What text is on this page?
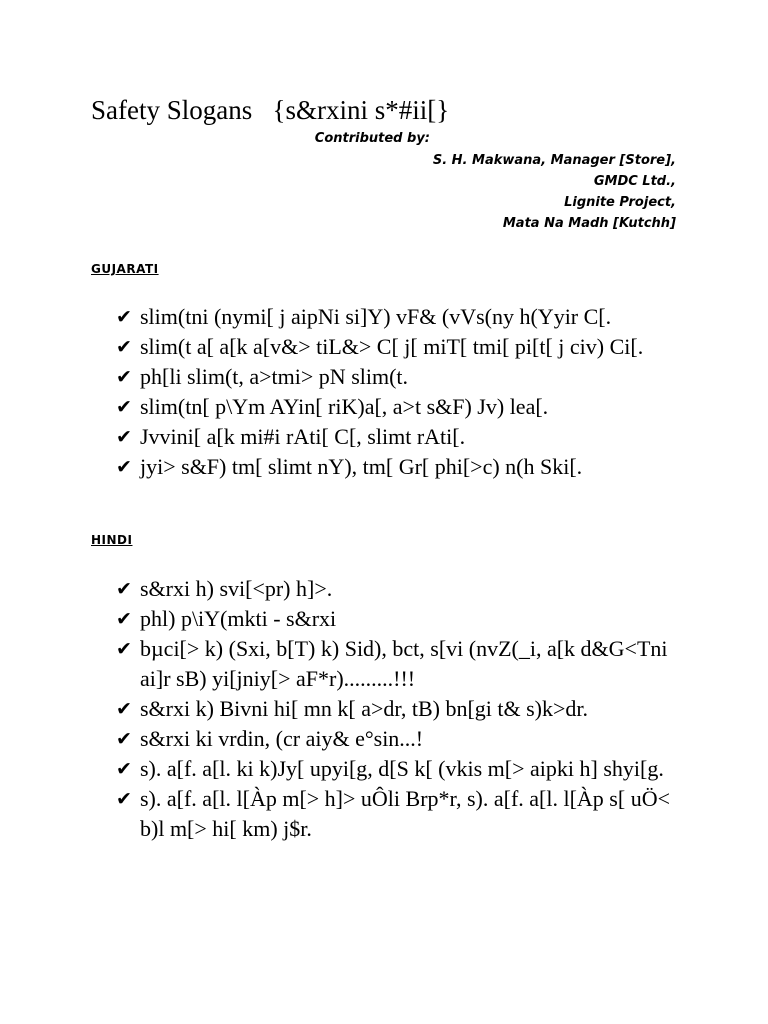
Safety Slogans   {s&rxini s*#ii[}
Contributed by:
S. H. Makwana, Manager [Store],
GMDC Ltd.,
Lignite Project,
Mata Na Madh [Kutchh]
GUJARATI
✔ slim(tni (nymi[ j aipNi si]Y) vF& (vVs(ny h(Yyir C[.
✔ slim(t a[ a[k a[v&> tiL&> C[ j[ miT[ tmi[ pi[t[ j civ) Ci[.
✔ ph[li slim(t, a>tmi> pN slim(t.
✔ slim(tn[ p\Ym AYin[ riK)a[, a>t s&F) Jv) lea[.
✔ Jvvini[ a[k mi#i rAti[ C[, slimt rAti[.
✔ jyi> s&F) tm[ slimt nY), tm[ Gr[ phi[>c) n(h Ski[.
HINDI
✔ s&rxi h) svi[<pr) h]>.
✔ phl) p\iY(mkti - s&rxi
✔ bµci[> k) (Sxi, b[T) k) Sid), bct, s[vi (nvZ(_i, a[k d&G<Tni ai]r sB) yi[jniy[> aF*r).........!!!
✔ s&rxi k) Bivni hi[ mn k[ a>dr, tB) bn[gi t& s)k>dr.
✔ s&rxi ki vrdin, (cr aiy& e°sin...!
✔ s). a[f. a[l. ki k)Jy[ upyi[g, d[S k[ (vkis m[> aipki h] shyi[g.
✔ s). a[f. a[l. l[Àp m[> h]> uÔli Brp*r, s). a[f. a[l. l[Àp s[ uÖ< b)l m[> hi[ km) j$r.
